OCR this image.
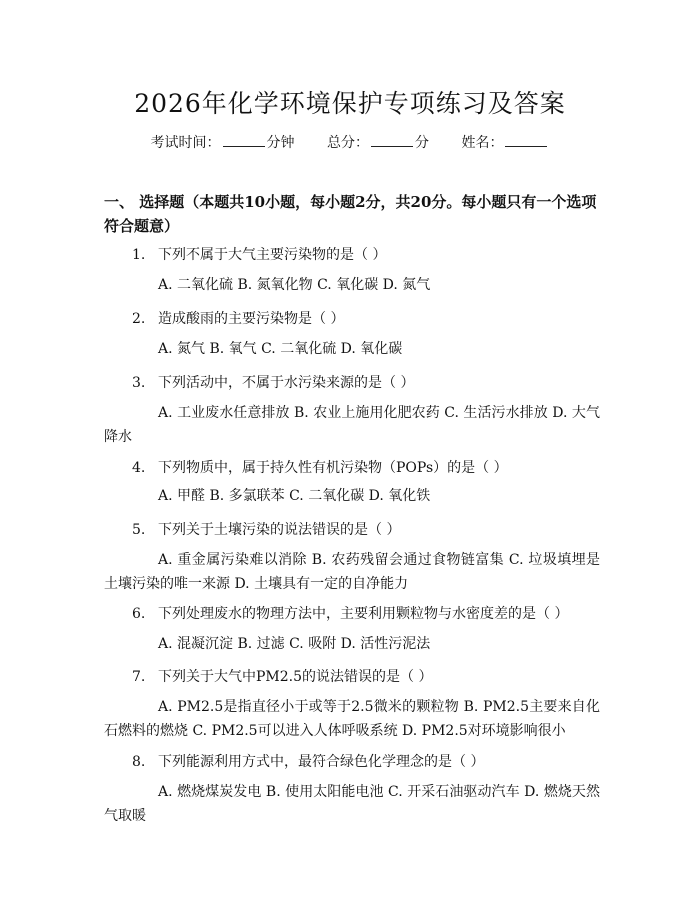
2026年化学环境保护专项练习及答案
考试时间：	分钟 总分：	分 姓名：
一、 选择题（本题共10小题，每小题2分，共20分。每小题只有一个选项符合题意）
1. 下列不属于大气主要污染物的是（ ）
A. 二氧化硫 B. 氮氧化物 C. 氧化碳 D. 氮气
2. 造成酸雨的主要污染物是（ ）
A. 氮气 B. 氧气 C. 二氧化硫 D. 氧化碳
3. 下列活动中，不属于水污染来源的是（ ）
A. 工业废水任意排放 B. 农业上施用化肥农药 C. 生活污水排放 D. 大气降水
4. 下列物质中，属于持久性有机污染物（POPs）的是（ ）
A. 甲醛 B. 多氯联苯 C. 二氧化碳 D. 氧化铁
5. 下列关于土壤污染的说法错误的是（ ）
A. 重金属污染难以消除 B. 农药残留会通过食物链富集 C. 垃圾填埋是土壤污染的唯一来源 D. 土壤具有一定的自净能力
6. 下列处理废水的物理方法中，主要利用颗粒物与水密度差的是（ ）
A. 混凝沉淀 B. 过滤 C. 吸附 D. 活性污泥法
7. 下列关于大气中PM2.5的说法错误的是（ ）
A. PM2.5是指直径小于或等于2.5微米的颗粒物 B. PM2.5主要来自化石燃料的燃烧 C. PM2.5可以进入人体呼吸系统 D. PM2.5对环境影响很小
8. 下列能源利用方式中，最符合绿色化学理念的是（ ）
A. 燃烧煤炭发电 B. 使用太阳能电池 C. 开采石油驱动汽车 D. 燃烧天然气取暖
